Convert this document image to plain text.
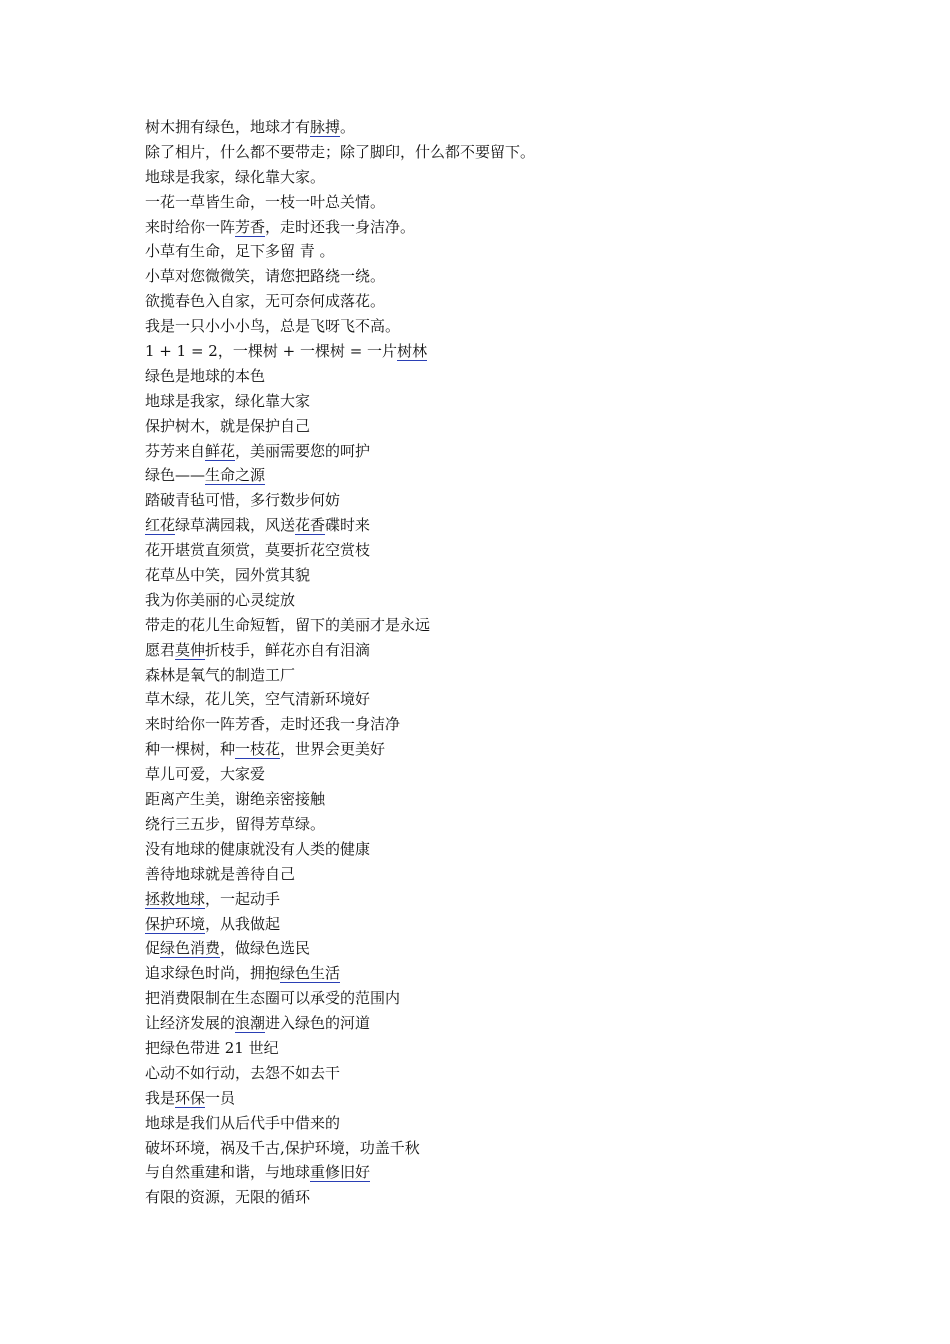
树木拥有绿色，地球才有脉搏。
除了相片，什么都不要带走；除了脚印，什么都不要留下。
地球是我家，绿化靠大家。
一花一草皆生命，一枝一叶总关情。
来时给你一阵芳香，走时还我一身洁净。
小草有生命，足下多留 青 。
小草对您微微笑，请您把路绕一绕。
欲揽春色入自家，无可奈何成落花。
我是一只小小小鸟，总是飞呀飞不高。
1 + 1 = 2，一棵树 + 一棵树 = 一片树林
绿色是地球的本色
地球是我家，绿化靠大家
保护树木，就是保护自己
芬芳来自鲜花，美丽需要您的呵护
绿色——生命之源
踏破青毡可惜，多行数步何妨
红花绿草满园栽，风送花香碟时来
花开堪赏直须赏，莫要折花空赏枝
花草丛中笑，园外赏其貌
我为你美丽的心灵绽放
带走的花儿生命短暂，留下的美丽才是永远
愿君莫伸折枝手，鲜花亦自有泪滴
森林是氧气的制造工厂
草木绿，花儿笑，空气清新环境好
来时给你一阵芳香，走时还我一身洁净
种一棵树，种一枝花，世界会更美好
草儿可爱，大家爱
距离产生美，谢绝亲密接触
绕行三五步，留得芳草绿。
没有地球的健康就没有人类的健康
善待地球就是善待自己
拯救地球，一起动手
保护环境，从我做起
促绿色消费，做绿色选民
追求绿色时尚，拥抱绿色生活
把消费限制在生态圈可以承受的范围内
让经济发展的浪潮进入绿色的河道
把绿色带进 21 世纪
心动不如行动，去怨不如去干
我是环保一员
地球是我们从后代手中借来的
破坏环境，祸及千古,保护环境，功盖千秋
与自然重建和谐，与地球重修旧好
有限的资源，无限的循环
